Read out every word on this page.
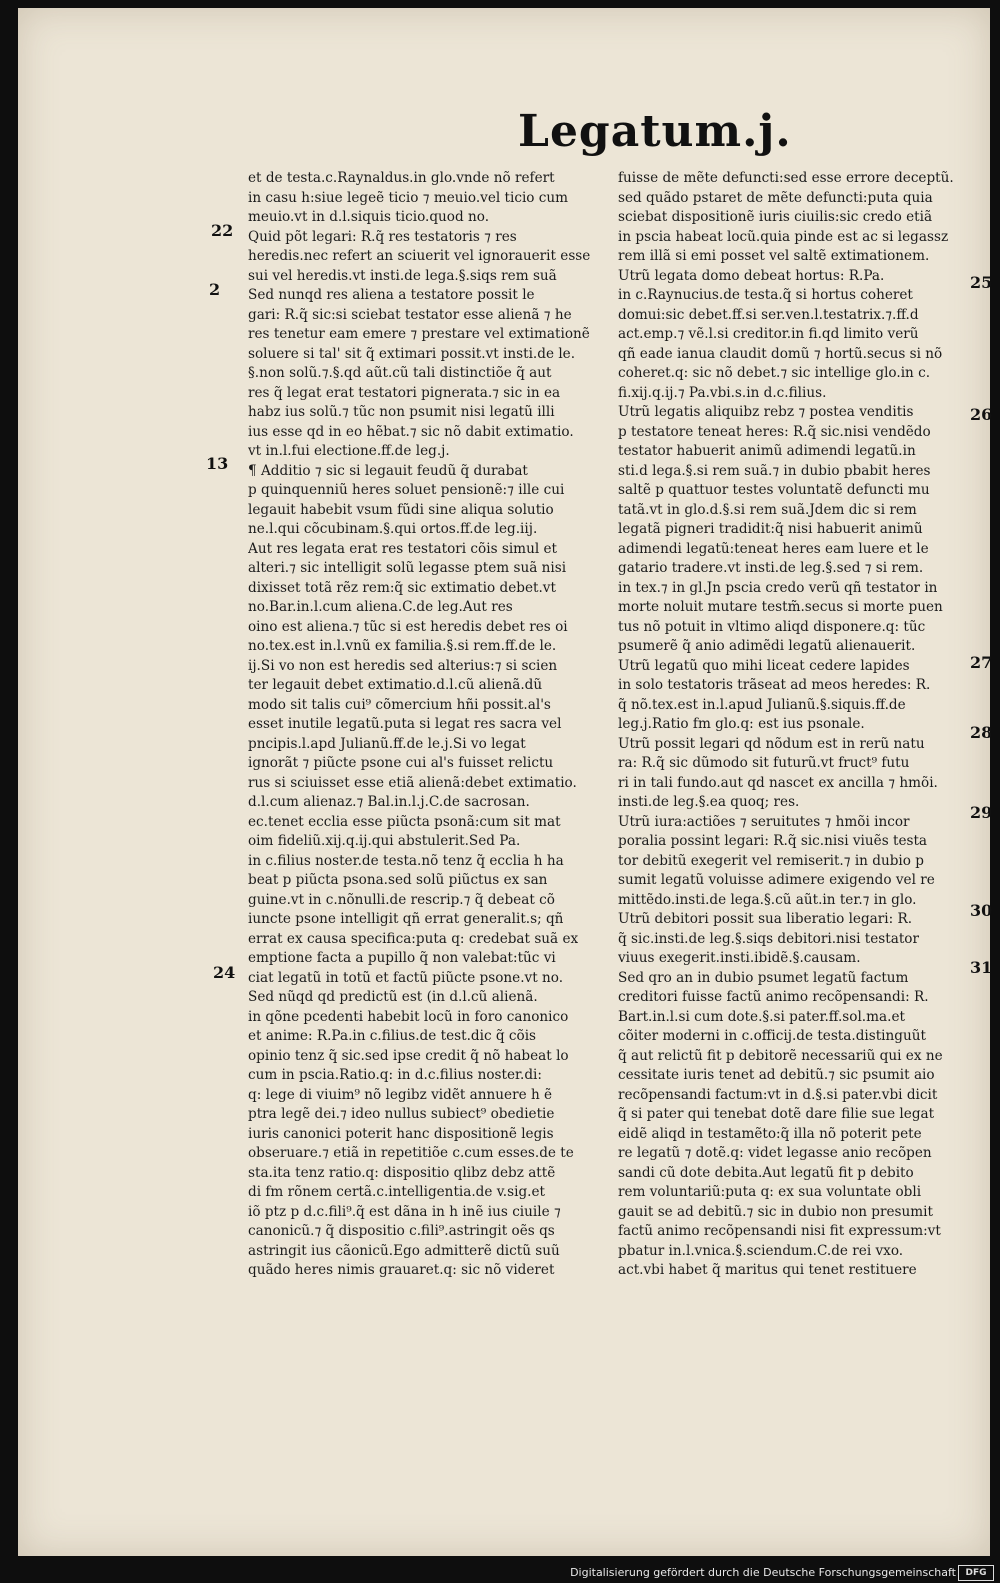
Legatum.j.
22
2
13
24
25
26
27
28
29
30
31
et de testa.c.Raynaldus.in glo.vnde nõ refert
in casu h:siue legeẽ ticio ⁊ meuio.vel ticio cum
meuio.vt in d.l.siquis ticio.quod no.
Quid põt legari: R.q̃ res testatoris ⁊ res
heredis.nec refert an sciuerit vel ignorauerit esse
sui vel heredis.vt insti.de lega.§.siqs rem suã
Sed nunqd res aliena a testatore possit le
gari: R.q̃ sic:si sciebat testator esse alienã ⁊ he
res tenetur eam emere ⁊ prestare vel extimationẽ
soluere si tal' sit q̃ extimari possit.vt insti.de le.
§.non solũ.⁊.§.qd aũt.cũ tali distinctiõe q̃ aut
res q̃ legat erat testatori pignerata.⁊ sic in ea
habz ius solũ.⁊ tũc non psumit nisi legatũ illi
ius esse qd in eo hẽbat.⁊ sic nõ dabit extimatio.
vt in.l.fui electione.ff.de leg.j.
¶ Additio ⁊ sic si legauit feudũ q̃ durabat
p quinquenniũ heres soluet pensionẽ:⁊ ille cui
legauit habebit vsum fũdi sine aliqua solutio
ne.l.qui cõcubinam.§.qui ortos.ff.de leg.iij.
Aut res legata erat res testatori cõis simul et
alteri.⁊ sic intelligit solũ legasse ptem suã nisi
dixisset totã rẽz rem:q̃ sic extimatio debet.vt
no.Bar.in.l.cum aliena.C.de leg.Aut res
oino est aliena.⁊ tũc si est heredis debet res oi
no.tex.est in.l.vnũ ex familia.§.si rem.ff.de le.
ij.Si vo non est heredis sed alterius:⁊ si scien
ter legauit debet extimatio.d.l.cũ alienã.dũ
modo sit talis cui⁹ cõmercium hñi possit.al's
esset inutile legatũ.puta si legat res sacra vel
pncipis.l.apd Julianũ.ff.de le.j.Si vo legat
ignorãt ⁊ piũcte psone cui al's fuisset relictu
rus si sciuisset esse etiã alienã:debet extimatio.
d.l.cum alienaz.⁊ Bal.in.l.j.C.de sacrosan.
ec.tenet ecclia esse piũcta psonã:cum sit mat
oim fideliũ.xij.q.ij.qui abstulerit.Sed Pa.
in c.filius noster.de testa.nõ tenz q̃ ecclia h ha
beat p piũcta psona.sed solũ piũctus ex san
guine.vt in c.nõnulli.de rescrip.⁊ q̃ debeat cõ
iuncte psone intelligit qñ errat generalit.s; qñ
errat ex causa specifica:puta q: credebat suã ex
emptione facta a pupillo q̃ non valebat:tũc vi
ciat legatũ in totũ et factũ piũcte psone.vt no.
Sed nũqd qd predictũ est (in d.l.cũ alienã.
in qõne pcedenti habebit locũ in foro canonico
et anime: R.Pa.in c.filius.de test.dic q̃ cõis
opinio tenz q̃ sic.sed ipse credit q̃ nõ habeat lo
cum in pscia.Ratio.q: in d.c.filius noster.di:
q: lege di viuim⁹ nõ legibz vidẽt annuere h ẽ
ptra legẽ dei.⁊ ideo nullus subiect⁹ obedietie
iuris canonici poterit hanc dispositionẽ legis
obseruare.⁊ etiã in repetitiõe c.cum esses.de te
sta.ita tenz ratio.q: dispositio qlibz debz attẽ
di fm rõnem certã.c.intelligentia.de v.sig.et
iõ ptz p d.c.fili⁹.q̃ est dãna in h inẽ ius ciuile ⁊
canonicũ.⁊ q̃ dispositio c.fili⁹.astringit oẽs qs
astringit ius cãonicũ.Ego admitterẽ dictũ suũ
quãdo heres nimis grauaret.q: sic nõ videret
fuisse de mẽte defuncti:sed esse errore deceptũ.
sed quãdo pstaret de mẽte defuncti:puta quia
sciebat dispositionẽ iuris ciuilis:sic credo etiã
in pscia habeat locũ.quia pinde est ac si legassz
rem illã si emi posset vel saltẽ extimationem.
Utrũ legata domo debeat hortus: R.Pa.
in c.Raynucius.de testa.q̃ si hortus coheret
domui:sic debet.ff.si ser.ven.l.testatrix.⁊.ff.d
act.emp.⁊ vẽ.l.si creditor.in fi.qd limito verũ
qñ eade ianua claudit domũ ⁊ hortũ.secus si nõ
coheret.q: sic nõ debet.⁊ sic intellige glo.in c.
fi.xij.q.ij.⁊ Pa.vbi.s.in d.c.filius.
Utrũ legatis aliquibz rebz ⁊ postea venditis
p testatore teneat heres: R.q̃ sic.nisi vendẽdo
testator habuerit animũ adimendi legatũ.in
sti.d lega.§.si rem suã.⁊ in dubio pbabit heres
saltẽ p quattuor testes voluntatẽ defuncti mu
tatã.vt in glo.d.§.si rem suã.Jdem dic si rem
legatã pigneri tradidit:q̃ nisi habuerit animũ
adimendi legatũ:teneat heres eam luere et le
gatario tradere.vt insti.de leg.§.sed ⁊ si rem.
in tex.⁊ in gl.Jn pscia credo verũ qñ testator in
morte noluit mutare testm̃.secus si morte puen
tus nõ potuit in vltimo aliqd disponere.q: tũc
psumerẽ q̃ anio adimẽdi legatũ alienauerit.
Utrũ legatũ quo mihi liceat cedere lapides
in solo testatoris trãseat ad meos heredes: R.
q̃ nõ.tex.est in.l.apud Julianũ.§.siquis.ff.de
leg.j.Ratio fm glo.q: est ius psonale.
Utrũ possit legari qd nõdum est in rerũ natu
ra: R.q̃ sic dũmodo sit futurũ.vt fruct⁹ futu
ri in tali fundo.aut qd nascet ex ancilla ⁊ hmõi.
insti.de leg.§.ea quoq; res.
Utrũ iura:actiões ⁊ seruitutes ⁊ hmõi incor
poralia possint legari: R.q̃ sic.nisi viuẽs testa
tor debitũ exegerit vel remiserit.⁊ in dubio p
sumit legatũ voluisse adimere exigendo vel re
mittẽdo.insti.de lega.§.cũ aũt.in ter.⁊ in glo.
Utrũ debitori possit sua liberatio legari: R.
q̃ sic.insti.de leg.§.siqs debitori.nisi testator
viuus exegerit.insti.ibidẽ.§.causam.
Sed qro an in dubio psumet legatũ factum
creditori fuisse factũ animo recõpensandi: R.
Bart.in.l.si cum dote.§.si pater.ff.sol.ma.et
cõiter moderni in c.officij.de testa.distinguũt
q̃ aut relictũ fit p debitorẽ necessariũ qui ex ne
cessitate iuris tenet ad debitũ.⁊ sic psumit aio
recõpensandi factum:vt in d.§.si pater.vbi dicit
q̃ si pater qui tenebat dotẽ dare filie sue legat
eidẽ aliqd in testamẽto:q̃ illa nõ poterit pete
re legatũ ⁊ dotẽ.q: videt legasse anio recõpen
sandi cũ dote debita.Aut legatũ fit p debito
rem voluntariũ:puta q: ex sua voluntate obli
gauit se ad debitũ.⁊ sic in dubio non presumit
factũ animo recõpensandi nisi fit expressum:vt
pbatur in.l.vnica.§.sciendum.C.de rei vxo.
act.vbi habet q̃ maritus qui tenet restituere
Digitalisierung gefördert durch die Deutsche Forschungsgemeinschaft	DFG
